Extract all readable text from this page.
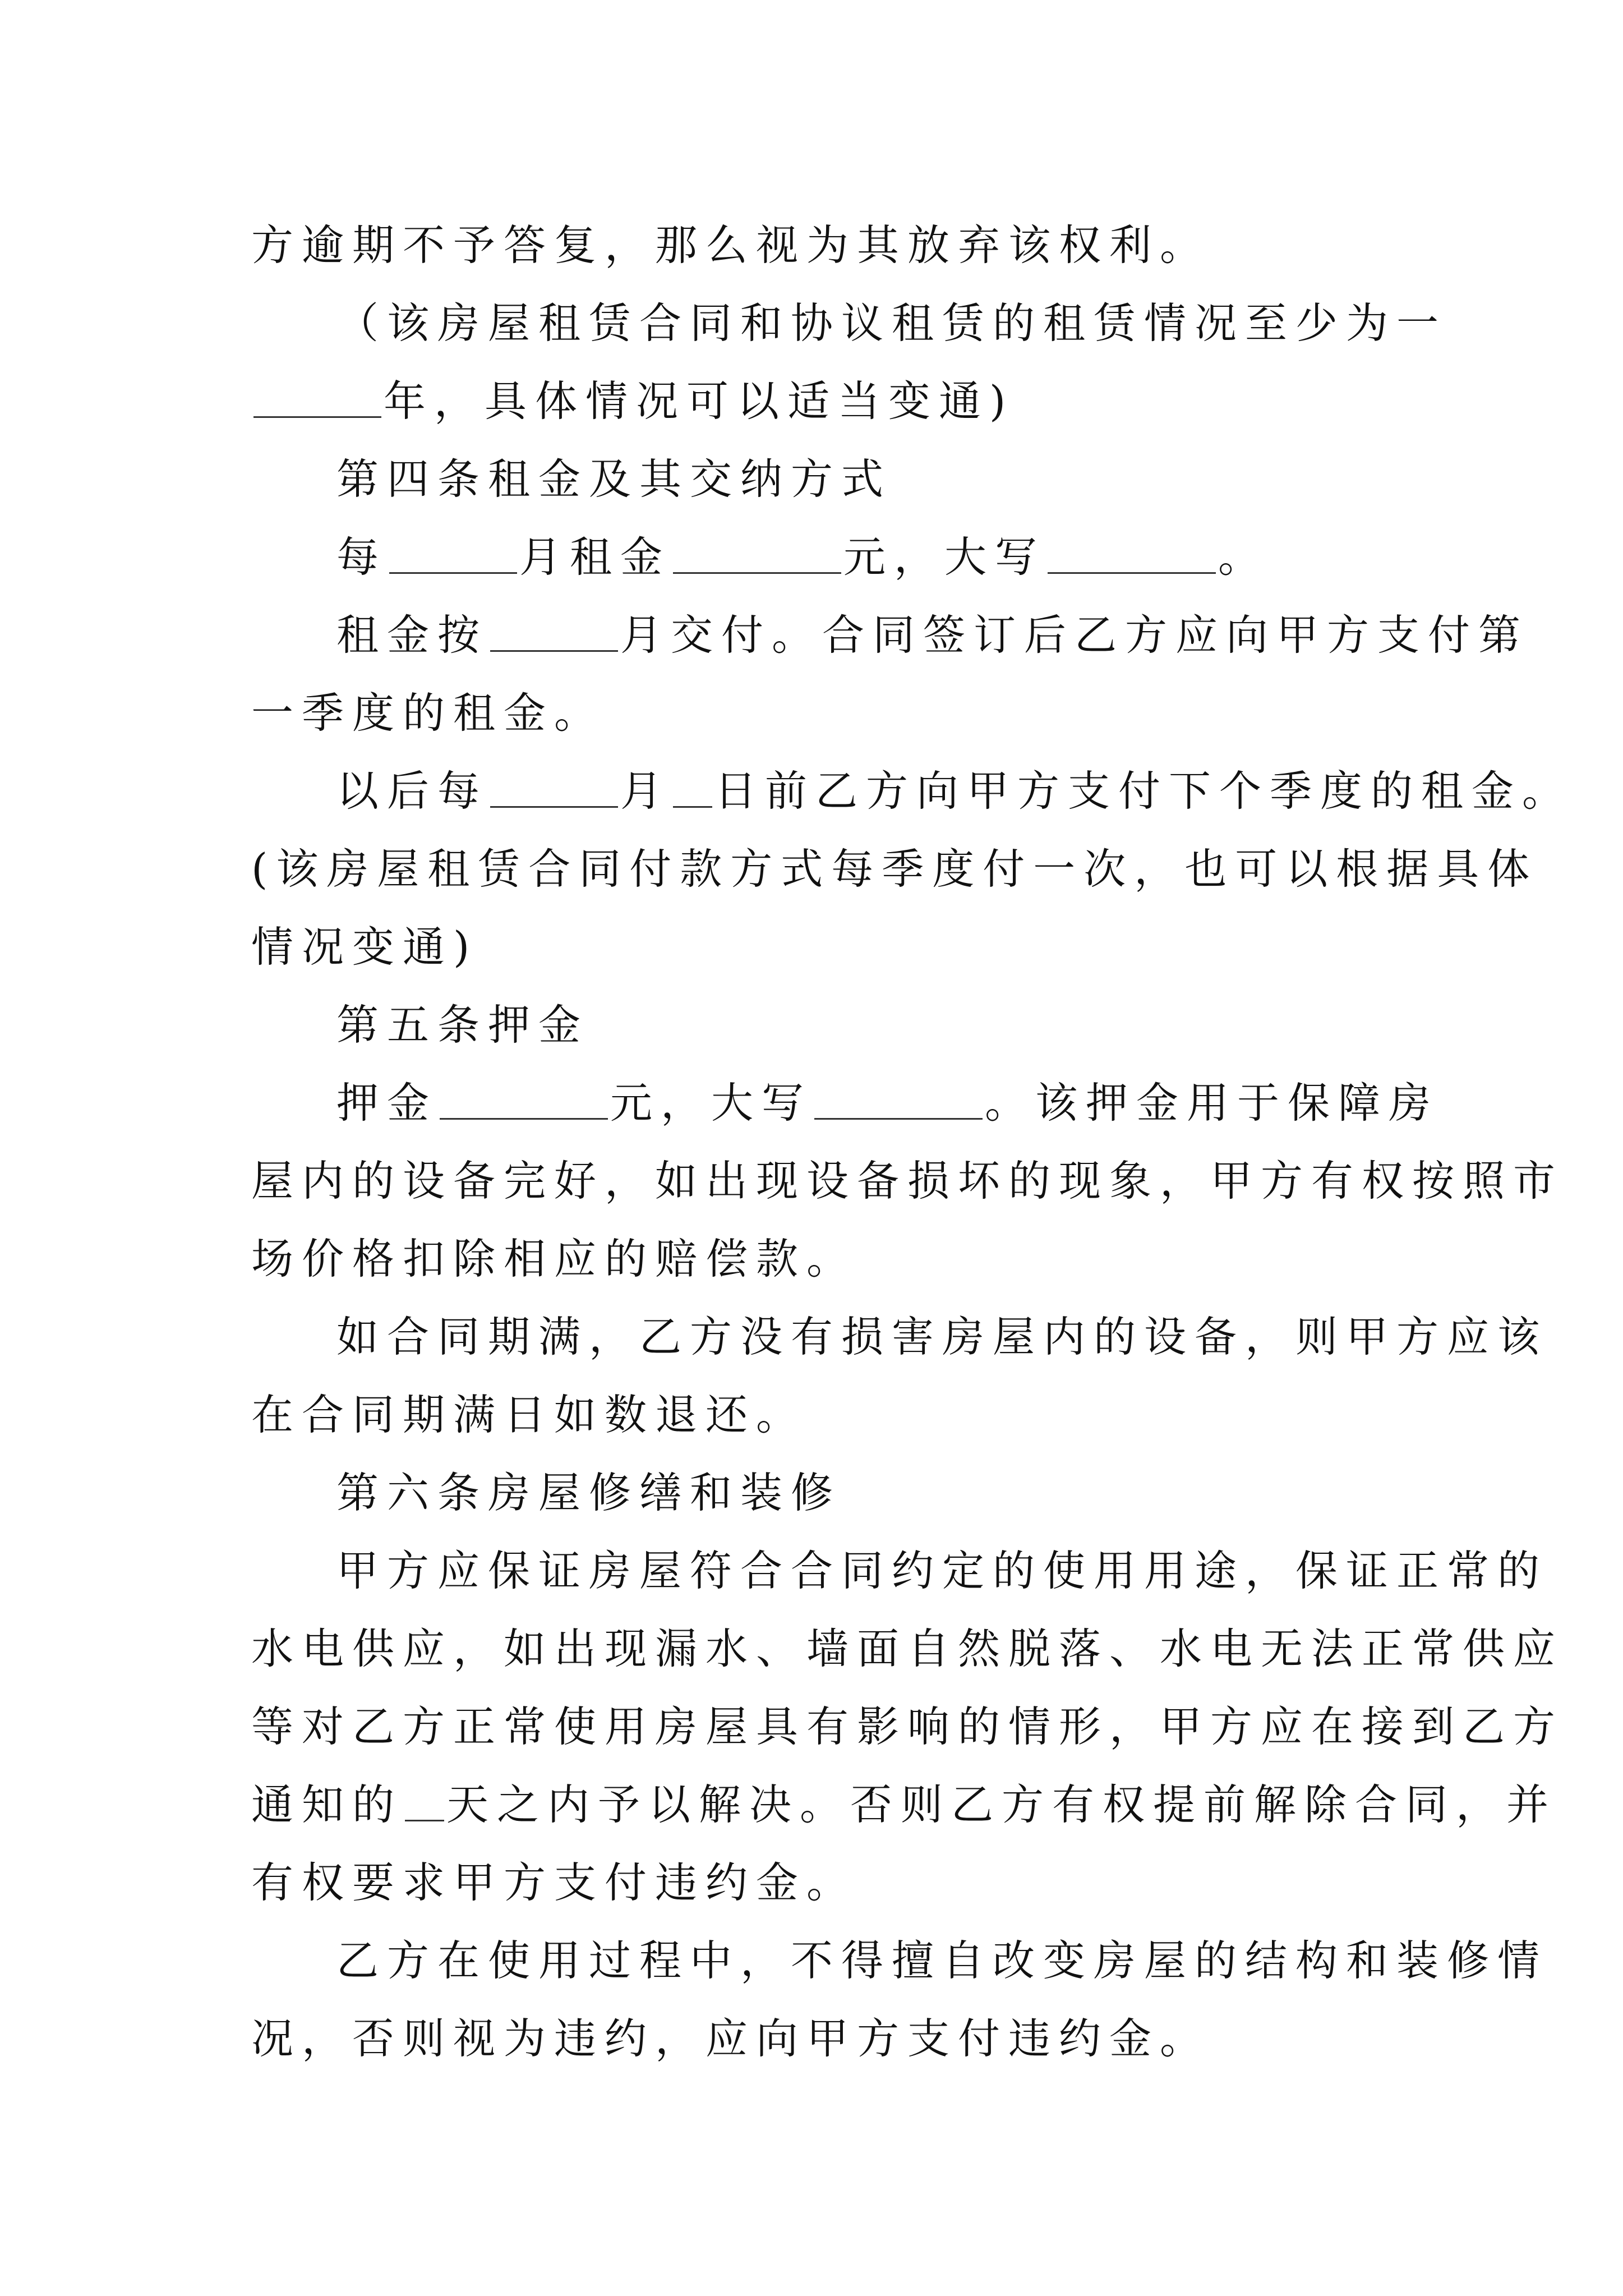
方逾期不予答复，那么视为其放弃该权利。
（该房屋租赁合同和协议租赁的租赁情况至少为一
年，具体情况可以适当变通)
第四条租金及其交纳方式
每	月租金	元，大写	。
租金按	月交付。合同签订后乙方应向甲方支付第
一季度的租金。
以后每	月 日前乙方向甲方支付下个季度的租金。
(该房屋租赁合同付款方式每季度付一次，也可以根据具体
情况变通)
第五条押金
押金	元，大写	。该押金用于保障房
屋内的设备完好，如出现设备损坏的现象，甲方有权按照市
场价格扣除相应的赔偿款。
如合同期满，乙方没有损害房屋内的设备，则甲方应该
在合同期满日如数退还。
第六条房屋修缮和装修
甲方应保证房屋符合合同约定的使用用途，保证正常的
水电供应，如出现漏水、墙面自然脱落、水电无法正常供应
等对乙方正常使用房屋具有影响的情形，甲方应在接到乙方
通知的 天之内予以解决。否则乙方有权提前解除合同，并
有权要求甲方支付违约金。
乙方在使用过程中，不得擅自改变房屋的结构和装修情
况，否则视为违约，应向甲方支付违约金。
